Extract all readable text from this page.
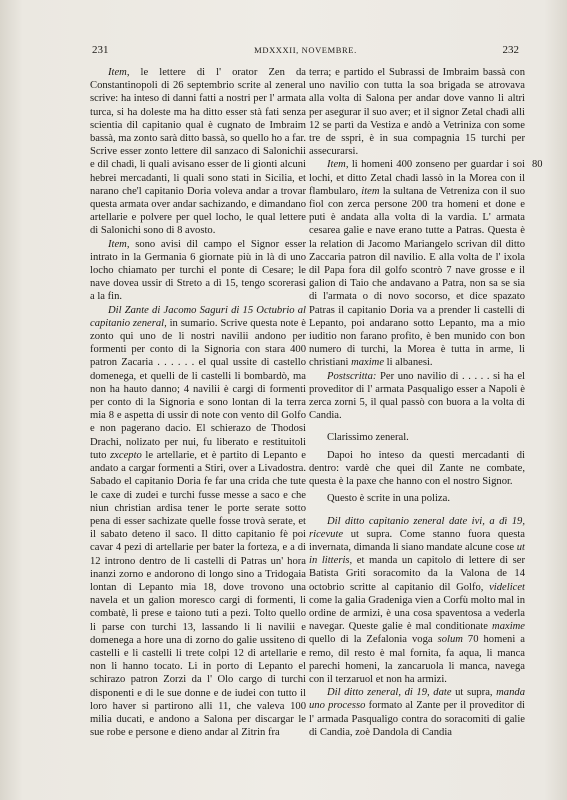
231	MDXXXII, NOVEMBRE.	232
80

Item, le lettere di l' orator Zen da Constantinopoli di 26 septembrio scrite al zeneral scrive: ha inteso di danni fatti a nostri per l' armata turca, si ha doleste ma ha ditto esser stà fati senza scientia dil capitanio qual è cugnato de Imbraim bassà, ma zonto sarà ditto bassà, so quello ho a far. Scrive esser zonto lettere dil sanzaco di Salonichii e dil chadì, li quali avisano esser de li gionti alcuni hebrei mercadanti, li quali sono stati in Sicilia, et narano che'l capitanio Doria voleva andar a trovar questa armata over andar sachizando, e dimandano artellarie e polvere per quel locho, le qual lettere di Salonichi sono di 8 avosto.

Item, sono avisi dil campo el Signor esser intrato in la Germania 6 giornate più in là di uno locho chiamato per turchi el ponte di Cesare; le nave dovea ussir di Streto a dì 15, tengo scorerasi a la fin.

Dil Zante di Jacomo Saguri di 15 Octubrio al capitanio zeneral, in sumario. Scrive questa note è zonto qui uno de li nostri navilii andono per formenti per conto di la Signoria con stara 400 patron Zacaria . . . . . . el qual ussite di castello domenega, et quelli de li castelli li bombardò, ma non ha hauto danno; 4 navilii è cargi di formenti per conto di la Signoria e sono lontan di la terra mia 8 e aspetta di ussir di note con vento dil Golfo e non pagerano dacio. El schierazo de Thodosi Drachi, nolizato per nui, fu liberato e restituitoli tuto zxcepto le artellarie, et è partito di Lepanto e andato a cargar formenti a Stiri, over a Livadostra. Sabado el capitanio Doria fe far una crida che tute le caxe di zudei e turchi fusse messe a saco e che niun christian ardisa tener le porte serate sotto pena di esser sachizate quelle fosse trovà serate, et il sabato deteno il saco. Il ditto capitanio fè poi cavar 4 pezi di artellarie per bater la forteza, e a di 12 introno dentro de li castelli di Patras un' hora inanzi zorno e andorono di longo sino a Tridogaia lontan di Lepanto mia 18, dove trovono una navela et un galion moresco cargi di formenti, li combatè, li prese e taiono tuti a pezi. Tolto quello li parse con turchi 13, lassando li li navilii e domenega a hore una di zorno do galie ussiteno di castelli e li castelli li trete colpi 12 di artellarie e non li hanno tocato. Li in porto di Lepanto el schirazo patron Zorzi da l' Olo cargo di turchi disponenti e di le sue donne e de iudei con tutto il loro haver si partirono alli 11, che valeva 100 milia ducati, e andono a Salona per discargar le sue robe e persone e dieno andar al Zitrin fra

terra; e partido el Subrassi de Imbraim bassà con uno navilio con tutta la soa brigada se atrovava alla volta di Salona per andar dove vanno li altri per asegurar il suo aver; et il signor Zetal chadì alli 12 se partì da Vestiza e andò a Vetriniza con some tre de sspri, è in sua compagnia 15 turchi per assecurarsi.

Item, li homeni 400 zonseno per guardar i soi lochi, et ditto Zetal chadì lassò in la Morea con il flambularo, item la sultana de Vetreniza con il suo fiol con zerca persone 200 tra homeni et done e puti è andata alla volta di la vardia. L' armata cesarea galie e nave erano tutte a Patras. Questa è la relation di Jacomo Mariangelo scrivan dil ditto Zaccaria patron dil navilio. E alla volta de l' ixola dil Papa fora dil golfo scontrò 7 nave grosse e il galion di Taio che andavano a Patra, non sa se sia di l'armata o di novo socorso, et dice spazato Patras il capitanio Doria va a prender li castelli di Lepanto, poi andarano sotto Lepanto, ma a mio iuditio non farano profito, è ben munido con bon numero di turchi, la Morea è tutta in arme, li christiani maxime li albanesi.

Postscritta: Per uno navilio di . . . . . si ha el proveditor di l' armata Pasqualigo esser a Napoli è zerca zorni 5, il qual passò con buora a la volta di Candia.

Clarissimo zeneral.

Dapoi ho inteso da questi mercadanti di dentro: vardè che quei dil Zante ne combate, questa è la paxe che hanno con el nostro Signor.

Questo è scrite in una poliza.

Dil ditto capitanio zeneral date ivi, a dì 19, ricevute ut supra. Come stanno fuora questa invernata, dimanda li siano mandate alcune cose ut in litteris, et manda un capitolo di lettere di ser Batista Griti soracomito da la Valona de 14 octobrio scritte al capitanio dil Golfo, videlicet come la galia Gradeniga vien a Corfù molto mal in ordine de armizi, è una cosa spaventosa a vederla navegar. Queste galie è mal conditionate maxime quello di la Zefalonia voga solum 70 homeni a remo, dil resto è mal fornita, fa aqua, li manca parechi homeni, la zancaruola li manca, navega con il terzaruol et non ha armizi.

Dil ditto zeneral, di 19, date ut supra, manda uno processo formato al Zante per il proveditor di l' armada Pasqualigo contra do soracomiti di galie di Candia, zoè Dandola di Candia
